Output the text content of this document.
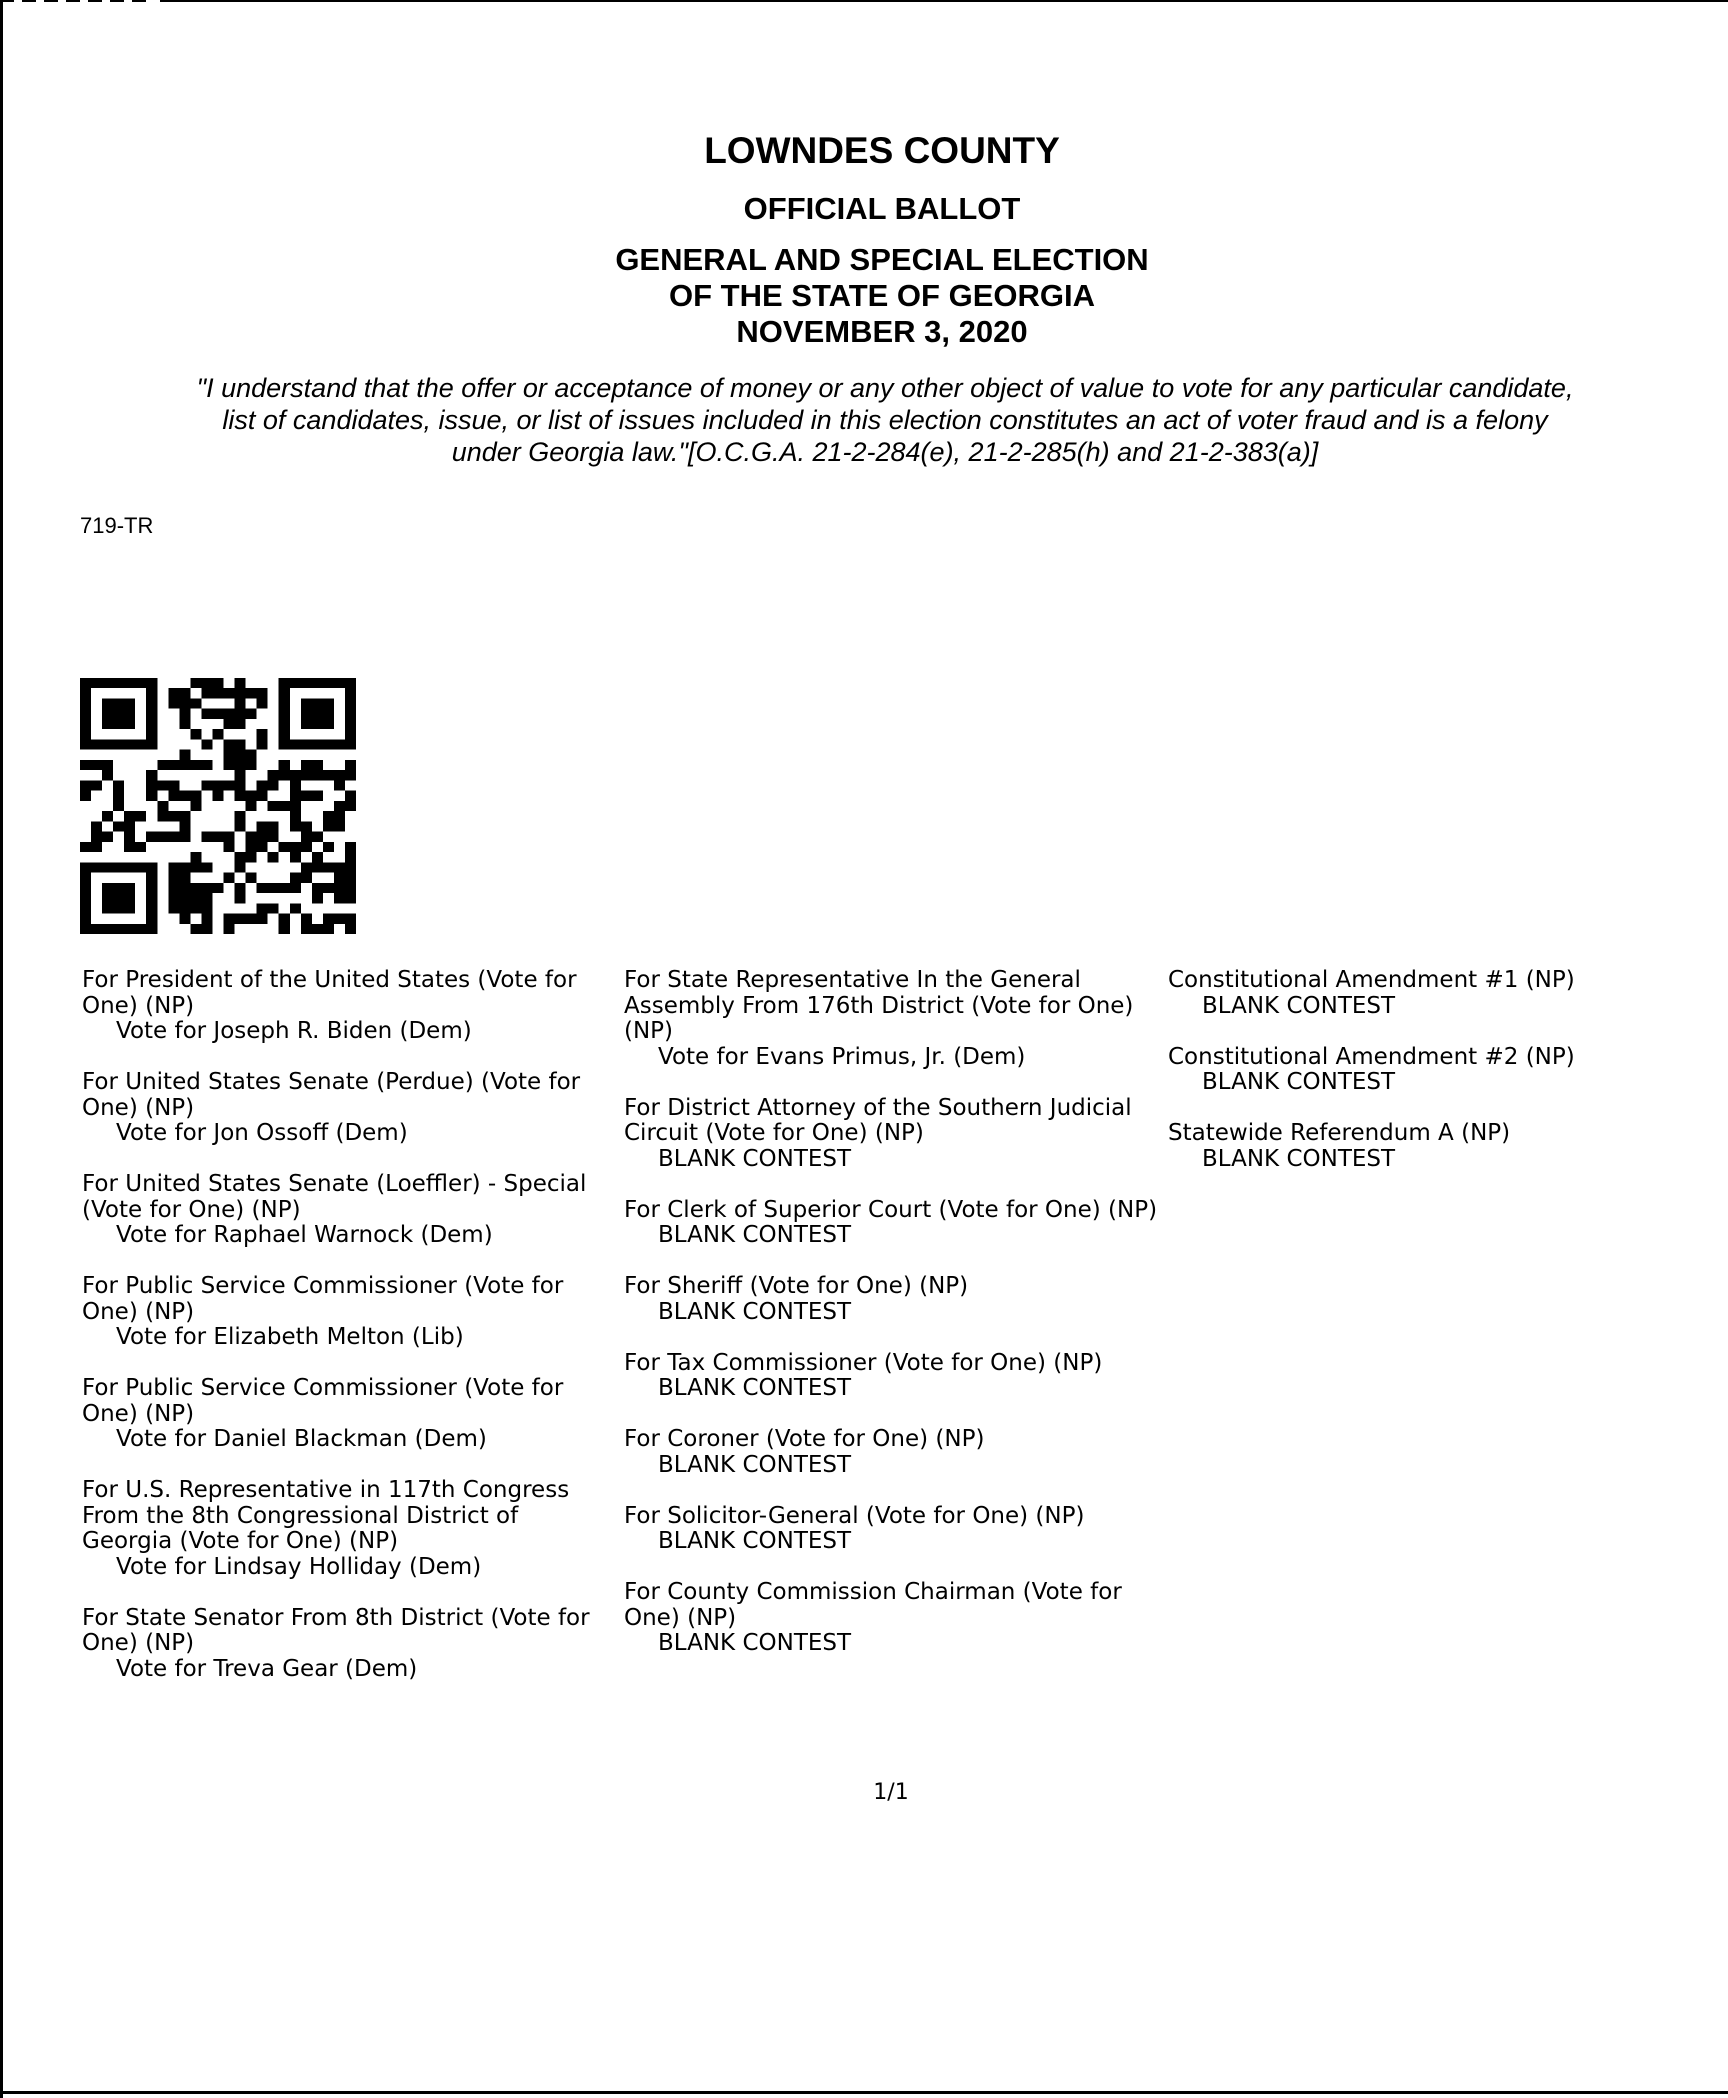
LOWNDES COUNTY
OFFICIAL BALLOT
GENERAL AND SPECIAL ELECTION
OF THE STATE OF GEORGIA
NOVEMBER 3, 2020
"I understand that the offer or acceptance of money or any other object of value to vote for any particular candidate,
list of candidates, issue, or list of issues included in this election constitutes an act of voter fraud and is a felony
under Georgia law."[O.C.G.A. 21-2-284(e), 21-2-285(h) and 21-2-383(a)]
719-TR
For President of the United States (Vote for One) (NP)
Vote for Joseph R. Biden (Dem)
For United States Senate (Perdue) (Vote for One) (NP)
Vote for Jon Ossoff (Dem)
For United States Senate (Loeffler) - Special (Vote for One) (NP)
Vote for Raphael Warnock (Dem)
For Public Service Commissioner (Vote for One) (NP)
Vote for Elizabeth Melton (Lib)
For Public Service Commissioner (Vote for One) (NP)
Vote for Daniel Blackman (Dem)
For U.S. Representative in 117th Congress From the 8th Congressional District of Georgia (Vote for One) (NP)
Vote for Lindsay Holliday (Dem)
For State Senator From 8th District (Vote for One) (NP)
Vote for Treva Gear (Dem)
For State Representative In the General Assembly From 176th District (Vote for One) (NP)
Vote for Evans Primus, Jr. (Dem)
For District Attorney of the Southern Judicial Circuit (Vote for One) (NP)
BLANK CONTEST
For Clerk of Superior Court (Vote for One) (NP)
BLANK CONTEST
For Sheriff (Vote for One) (NP)
BLANK CONTEST
For Tax Commissioner (Vote for One) (NP)
BLANK CONTEST
For Coroner (Vote for One) (NP)
BLANK CONTEST
For Solicitor-General (Vote for One) (NP)
BLANK CONTEST
For County Commission Chairman (Vote for One) (NP)
BLANK CONTEST
Constitutional Amendment #1 (NP)
BLANK CONTEST
Constitutional Amendment #2 (NP)
BLANK CONTEST
Statewide Referendum A (NP)
BLANK CONTEST
1/1
